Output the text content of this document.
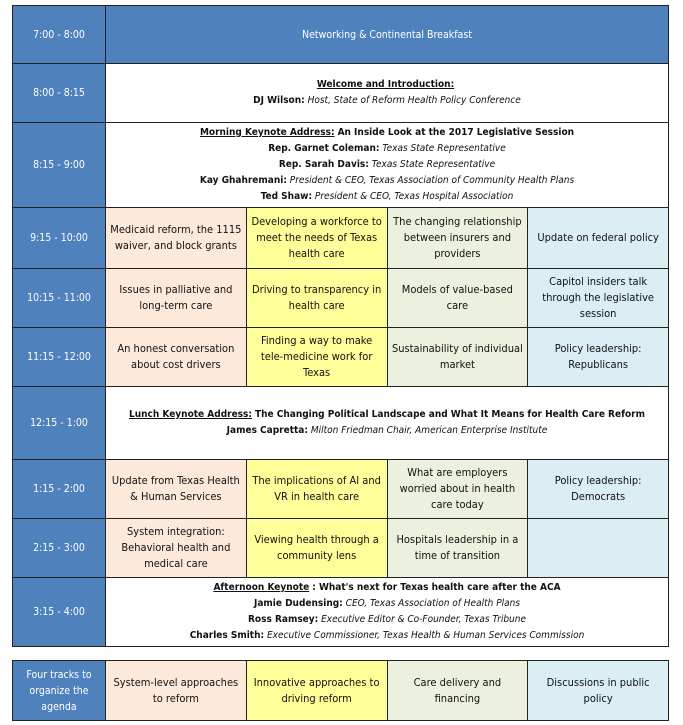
7:00 - 8:00	Networking & Continental Breakfast			
8:00 - 8:15	Welcome and Introduction:
DJ Wilson: Host, State of Reform Health Policy Conference			

8:15 - 9:00	Morning Keynote Address: An Inside Look at the 2017 Legislative Session
Rep. Garnet Coleman: Texas State Representative
Rep. Sarah Davis: Texas State Representative
Kay Ghahremani: President & CEO, Texas Association of Community Health Plans
Ted Shaw: President & CEO, Texas Hospital Association			

9:15 - 10:00	Medicaid reform, the 1115 waiver, and block grants	Developing a workforce to meet the needs of Texas health care	The changing relationship between insurers and providers	Update on federal policy
10:15 - 11:00	Issues in palliative and long-term care	Driving to transparency in health care	Models of value-based care	Capitol insiders talk through the legislative session
11:15 - 12:00	An honest conversation about cost drivers	Finding a way to make tele-medicine work for Texas	Sustainability of individual market	Policy leadership: Republicans
12:15 - 1:00	Lunch Keynote Address: The Changing Political Landscape and What It Means for Health Care Reform
James Capretta: Milton Friedman Chair, American Enterprise Institute			

1:15 - 2:00	Update from Texas Health & Human Services	The implications of AI and VR in health care	What are employers worried about in health care today	Policy leadership: Democrats
2:15 - 3:00	System integration: Behavioral health and medical care	Viewing health through a community lens	Hospitals leadership in a time of transition	
3:15 - 4:00	Afternoon Keynote : What's next for Texas health care after the ACA
Jamie Dudensing: CEO, Texas Association of Health Plans
Ross Ramsey: Executive Editor & Co-Founder, Texas Tribune
Charles Smith: Executive Commissioner, Texas Health & Human Services Commission			
Four tracks to organize the agenda	System-level approaches to reform	Innovative approaches to driving reform	Care delivery and financing	Discussions in public policy
